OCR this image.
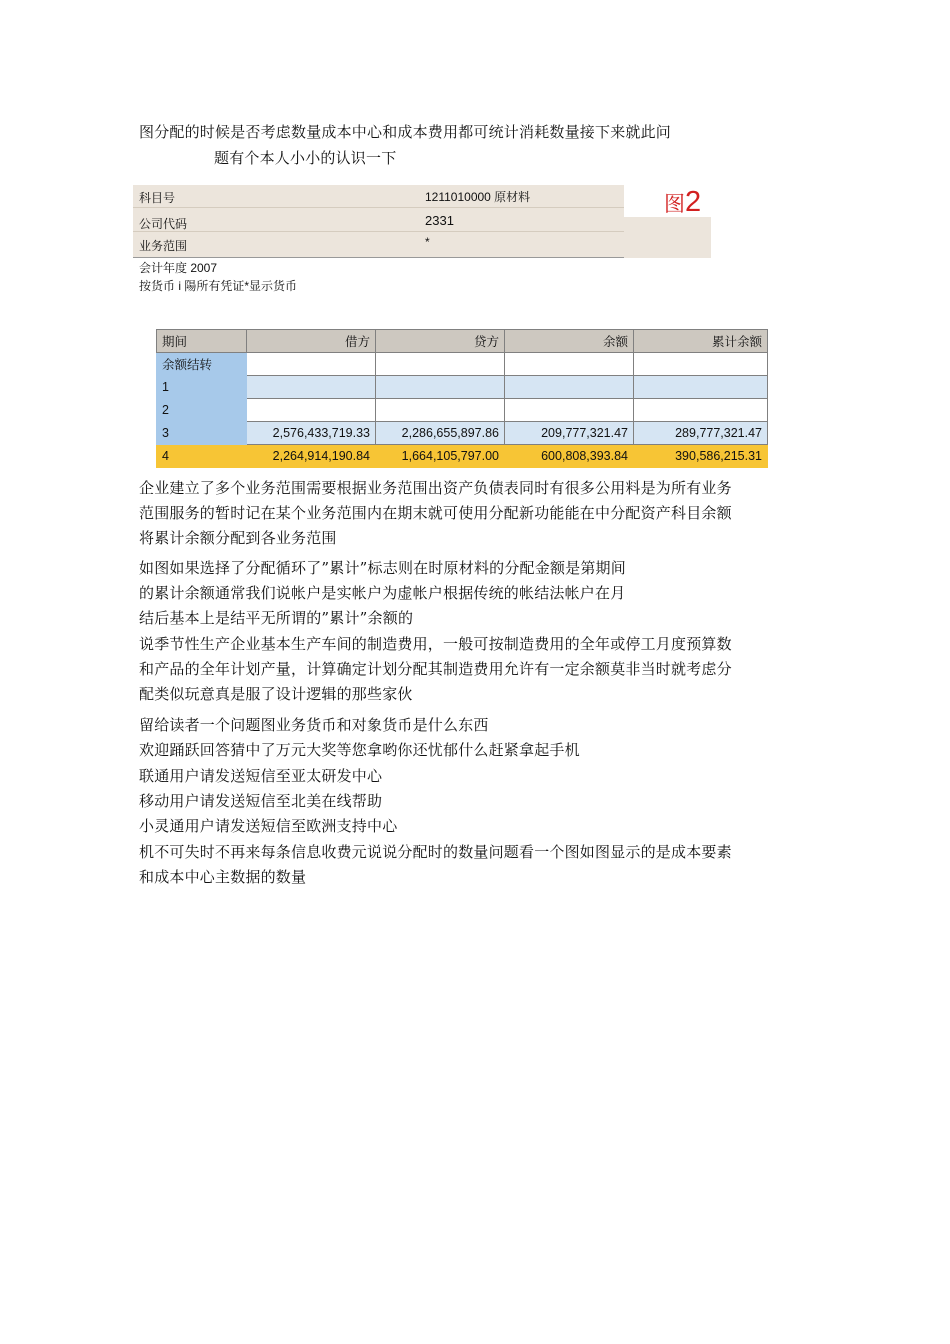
图分配的时候是否考虑数量成本中心和成本费用都可统计消耗数量接下来就此问
题有个本人小小的认识一下
科目号	1211010000 原材料
公司代码	2331
业务范围	*
图2
会计年度 2007
按货币 i 陽所有凭证*显示货币
期间	借方	贷方	余额	累计余额
余额结转				
1				
2				
3	2,576,433,719.33	2,286,655,897.86	209,777,321.47	289,777,321.47
4	2,264,914,190.84	1,664,105,797.00	600,808,393.84	390,586,215.31
企业建立了多个业务范围需要根据业务范围出资产负债表同时有很多公用料是为所有业务
范围服务的暂时记在某个业务范围内在期末就可使用分配新功能能在中分配资产科目余额
将累计余额分配到各业务范围
如图如果选择了分配循环了”累计”标志则在时原材料的分配金额是第期间
的累计余额通常我们说帐户是实帐户为虚帐户根据传统的帐结法帐户在月
结后基本上是结平无所谓的”累计”余额的
说季节性生产企业基本生产车间的制造费用，一般可按制造费用的全年或停工月度预算数
和产品的全年计划产量，计算确定计划分配其制造费用允许有一定余额莫非当时就考虑分
配类似玩意真是服了设计逻辑的那些家伙
留给读者一个问题图业务货币和对象货币是什么东西
欢迎踊跃回答猜中了万元大奖等您拿哟你还忧郁什么赶紧拿起手机
联通用户请发送短信至亚太研发中心
移动用户请发送短信至北美在线帮助
小灵通用户请发送短信至欧洲支持中心
机不可失时不再来每条信息收费元说说分配时的数量问题看一个图如图显示的是成本要素
和成本中心主数据的数量
